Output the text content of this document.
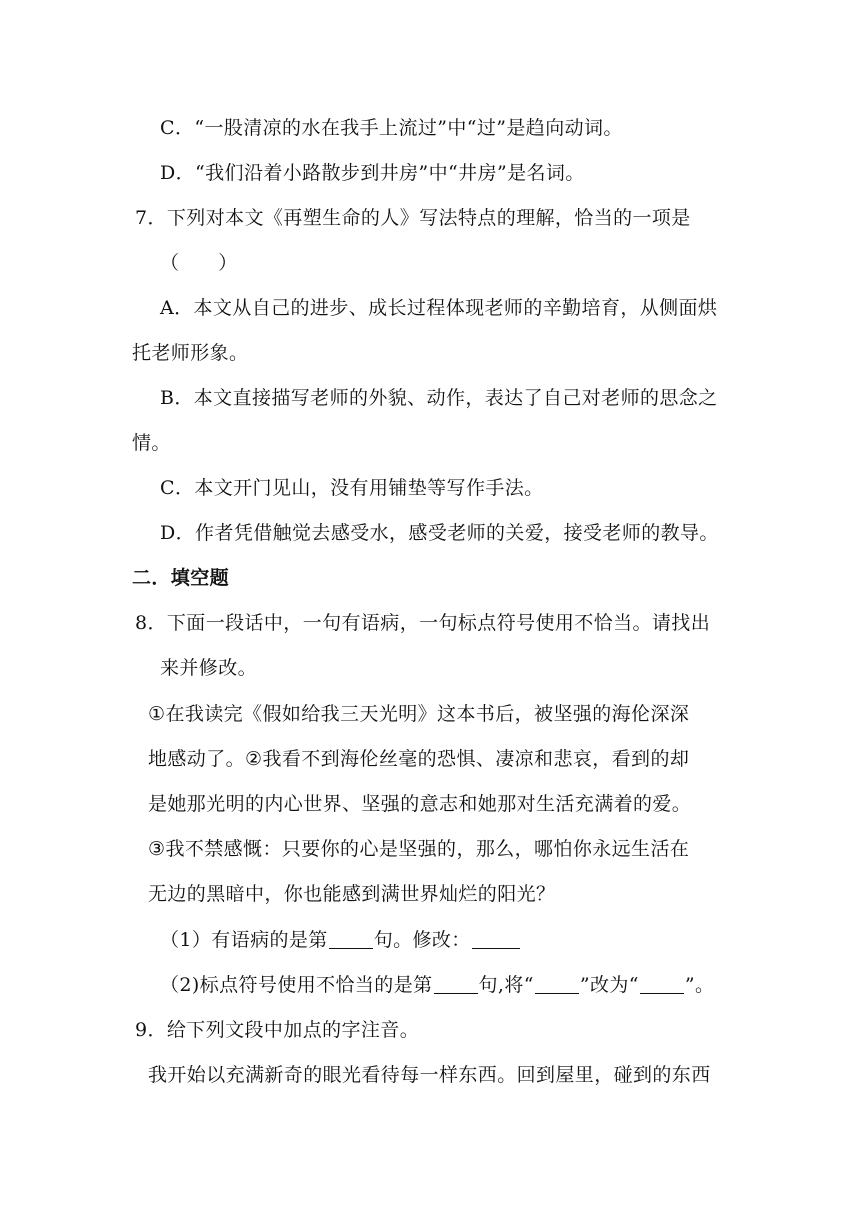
C．“一股清凉的水在我手上流过”中“过”是趋向动词。
D．“我们沿着小路散步到井房”中“井房”是名词。
7．下列对本文《再塑生命的人》写法特点的理解，恰当的一项是
（　　）
A．本文从自己的进步、成长过程体现老师的辛勤培育，从侧面烘
托老师形象。
B．本文直接描写老师的外貌、动作，表达了自己对老师的思念之
情。
C．本文开门见山，没有用铺垫等写作手法。
D．作者凭借触觉去感受水，感受老师的关爱，接受老师的教导。
二．填空题
8．下面一段话中，一句有语病，一句标点符号使用不恰当。请找出
来并修改。
①在我读完《假如给我三天光明》这本书后，被坚强的海伦深深
地感动了。②我看不到海伦丝毫的恐惧、凄凉和悲哀，看到的却
是她那光明的内心世界、坚强的意志和她那对生活充满着的爱。
③我不禁感慨：只要你的心是坚强的，那么，哪怕你永远生活在
无边的黑暗中，你也能感到满世界灿烂的阳光？
（1）有语病的是第 句。修改：
（2)标点符号使用不恰当的是第 句,将“ ”改为“ ”。
9．给下列文段中加点的字注音。
我开始以充满新奇的眼光看待每一样东西。回到屋里，碰到的东西
